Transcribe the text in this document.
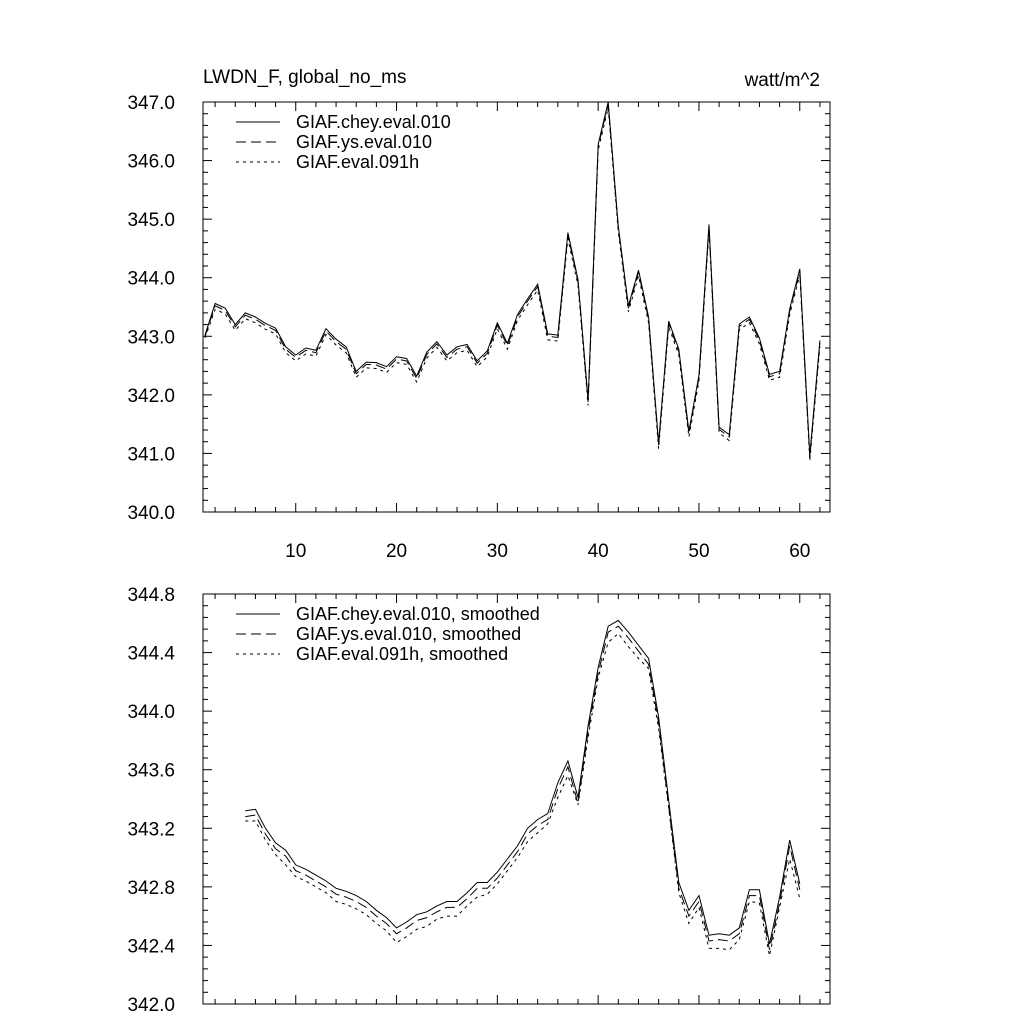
LWDN_F, global_no_ms	watt/m^2
340.0
341.0
342.0
343.0
344.0
345.0
346.0
347.0
10	20	30	40	50	60
GIAF.chey.eval.010
GIAF.ys.eval.010
GIAF.eval.091h
342.0
342.4
342.8
343.2
343.6
344.0
344.4
344.8
GIAF.chey.eval.010, smoothed
GIAF.ys.eval.010, smoothed
GIAF.eval.091h, smoothed
